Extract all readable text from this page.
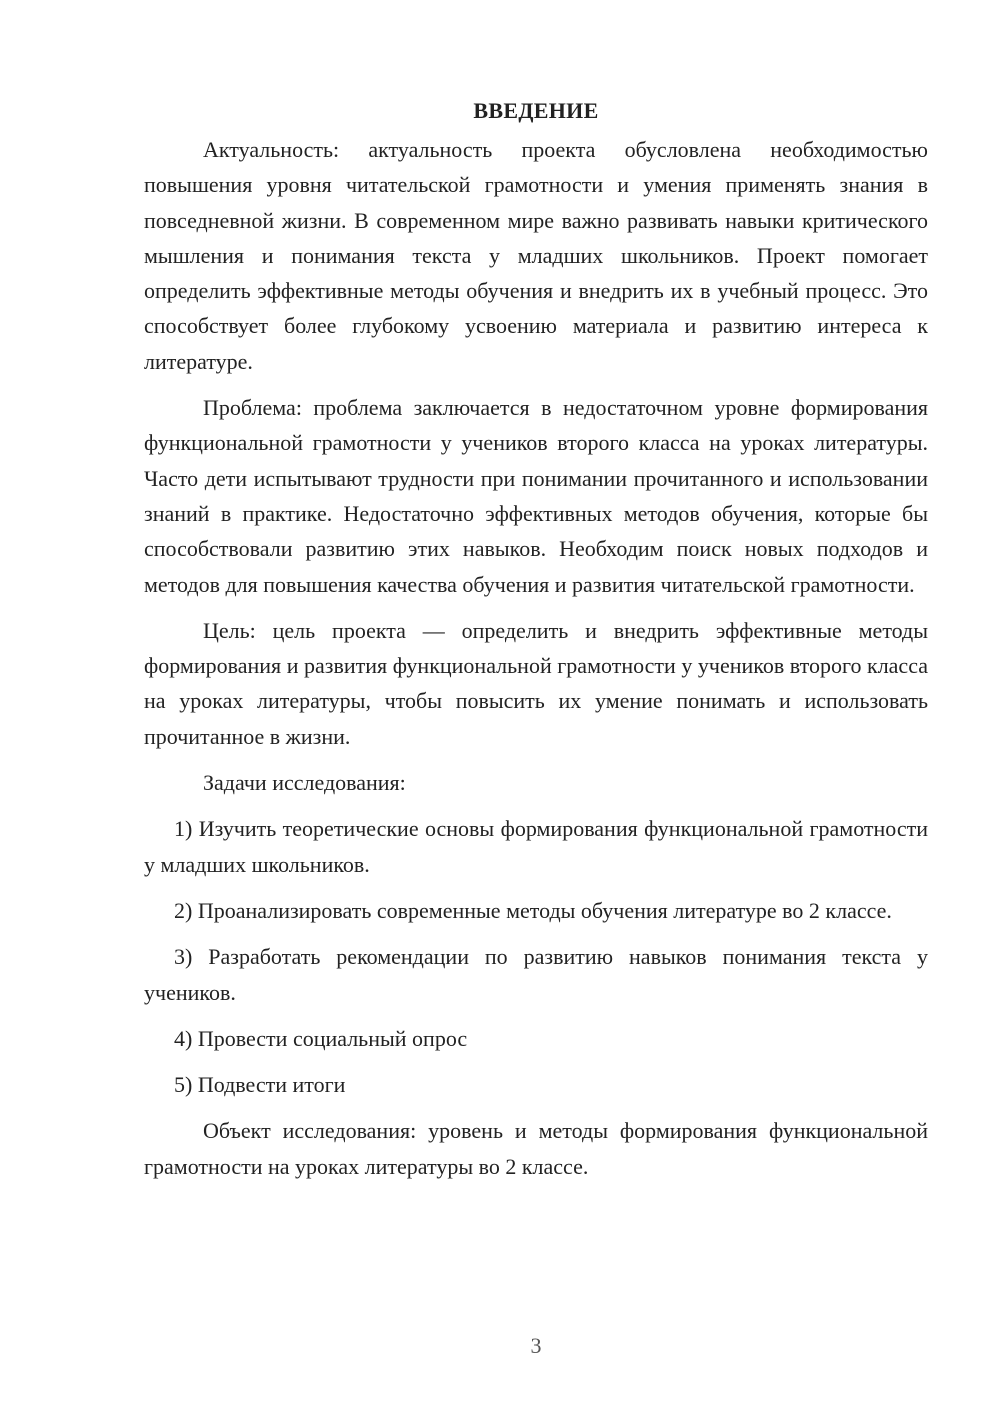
ВВЕДЕНИЕ

Актуальность: актуальность проекта обусловлена необходимостью повышения уровня читательской грамотности и умения применять знания в повседневной жизни. В современном мире важно развивать навыки критического мышления и понимания текста у младших школьников. Проект помогает определить эффективные методы обучения и внедрить их в учебный процесс. Это способствует более глубокому усвоению материала и развитию интереса к литературе.

Проблема: проблема заключается в недостаточном уровне формирования функциональной грамотности у учеников второго класса на уроках литературы. Часто дети испытывают трудности при понимании прочитанного и использовании знаний в практике. Недостаточно эффективных методов обучения, которые бы способствовали развитию этих навыков. Необходим поиск новых подходов и методов для повышения качества обучения и развития читательской грамотности.

Цель: цель проекта — определить и внедрить эффективные методы формирования и развития функциональной грамотности у учеников второго класса на уроках литературы, чтобы повысить их умение понимать и использовать прочитанное в жизни.

Задачи исследования:

1) Изучить теоретические основы формирования функциональной грамотности у младших школьников.

2) Проанализировать современные методы обучения литературе во 2 классе.

3) Разработать рекомендации по развитию навыков понимания текста у учеников.

4) Провести социальный опрос

5) Подвести итоги

Объект исследования: уровень и методы формирования функциональной грамотности на уроках литературы во 2 классе.

3
